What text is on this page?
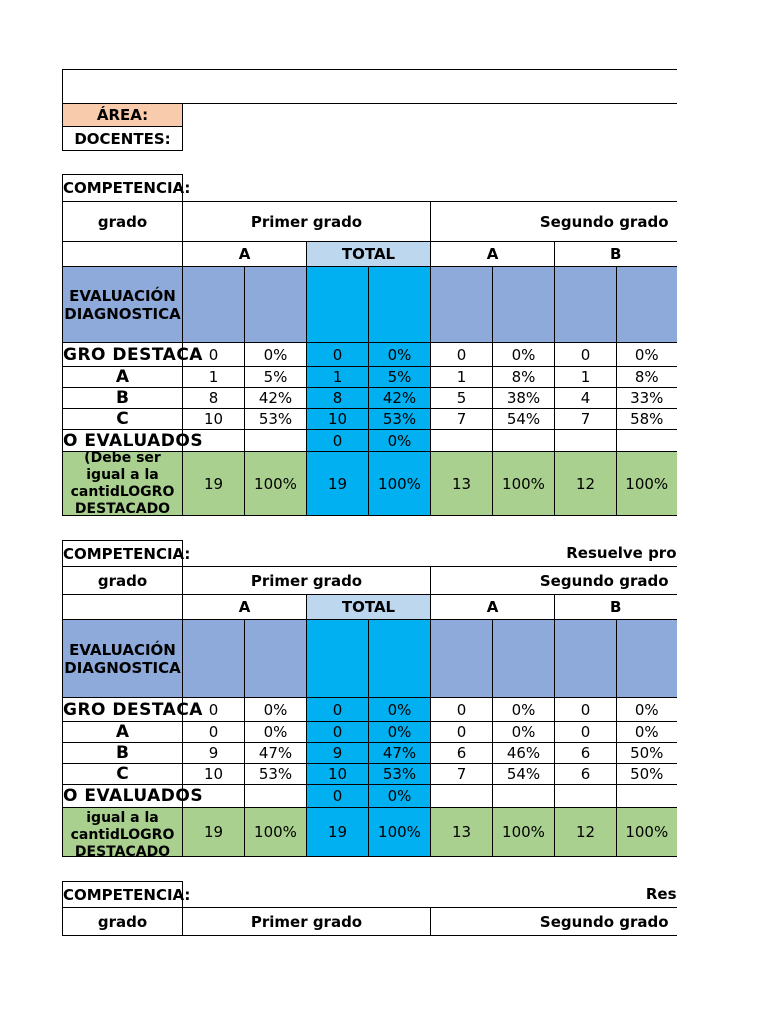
ÁREA:	
DOCENTES:	
COMPETENCIA:								
grado	Primer grado				Segundo grado			
	A		TOTAL		A		B	
EVALUACIÓN DIAGNOSTICA								
GRO DESTACA	0	0%	0	0%	0	0%	0	0%
A	1	5%	1	5%	1	8%	1	8%
B	8	42%	8	42%	5	38%	4	33%
C	10	53%	10	53%	7	54%	7	58%
O EVALUADOS			0	0%				

(Debe ser igual a la cantidLOGRO DESTACADO	19	100%	19	100%	13	100%	12	100%
COMPETENCIA:	Resuelve pro							
grado	Primer grado				Segundo grado			
	A		TOTAL		A		B	
EVALUACIÓN DIAGNOSTICA								
GRO DESTACA	0	0%	0	0%	0	0%	0	0%
A	0	0%	0	0%	0	0%	0	0%
B	9	47%	9	47%	6	46%	6	50%
C	10	53%	10	53%	7	54%	6	50%
O EVALUADOS			0	0%				

igual a la cantidLOGRO DESTACADO	19	100%	19	100%	13	100%	12	100%
COMPETENCIA:	Res	
grado	Primer grado	Segundo grado
